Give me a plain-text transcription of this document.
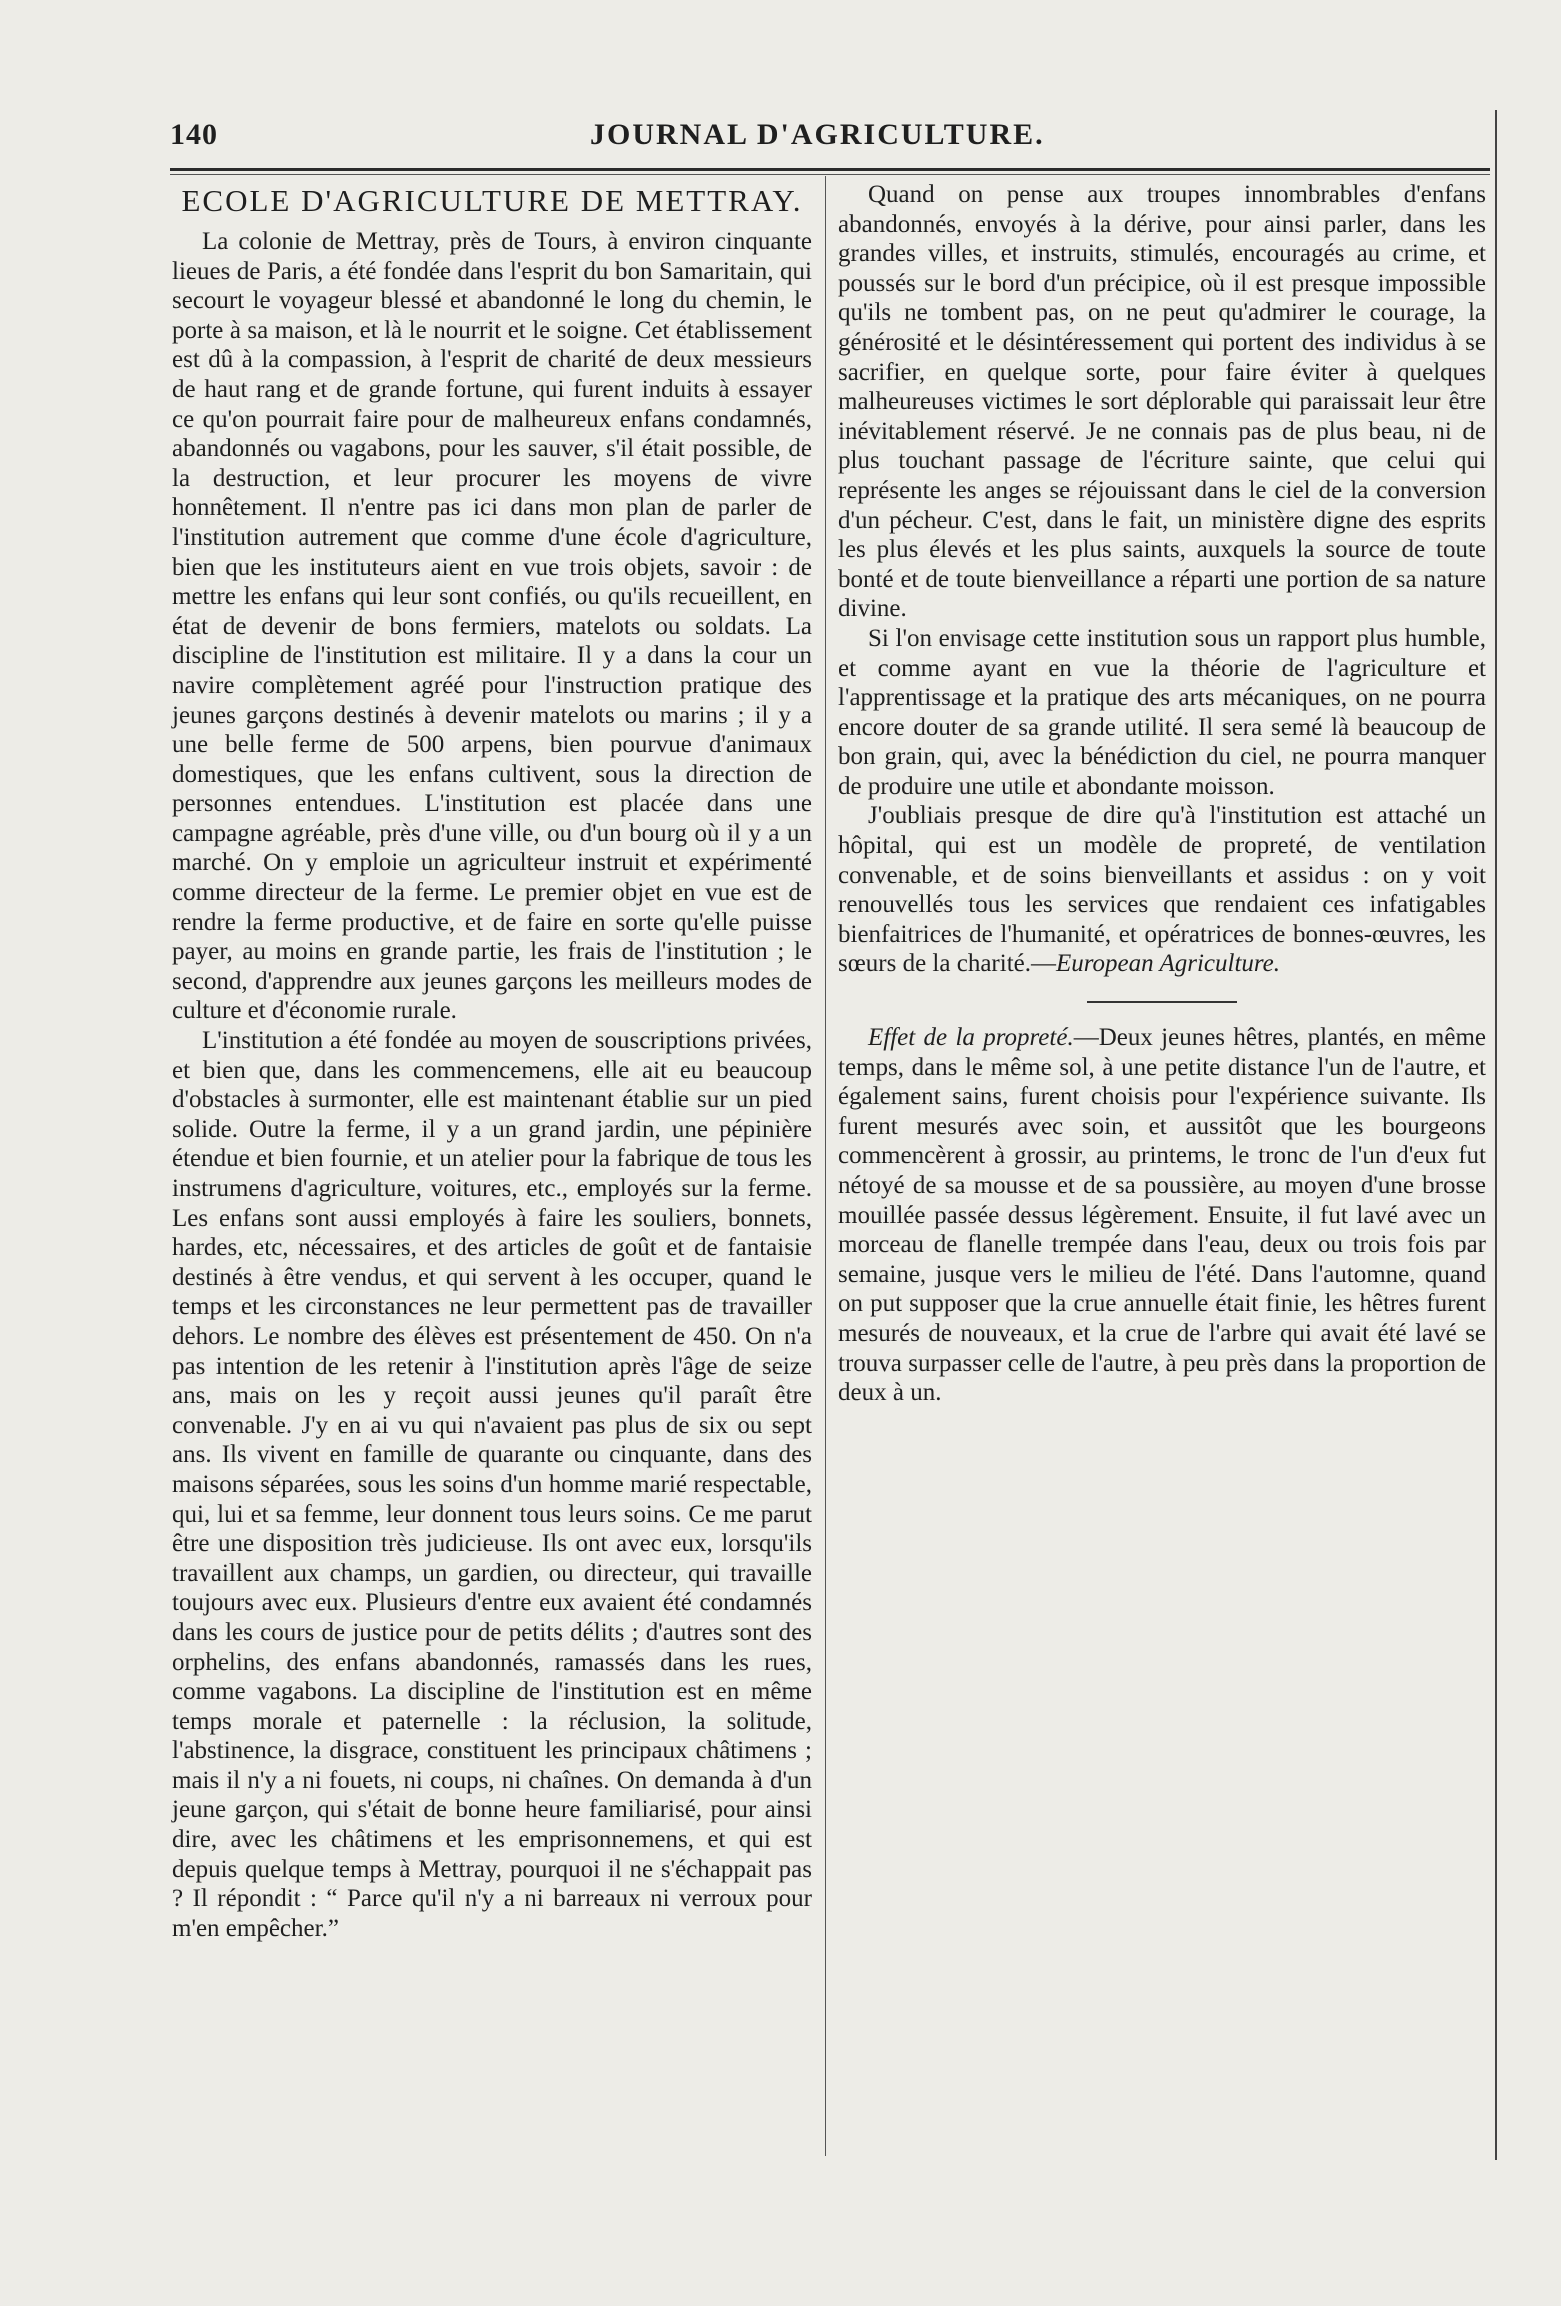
140	JOURNAL D'AGRICULTURE.
ECOLE D'AGRICULTURE DE METTRAY.

La colonie de Mettray, près de Tours, à environ cinquante lieues de Paris, a été fondée dans l'esprit du bon Samaritain, qui secourt le voyageur blessé et abandonné le long du chemin, le porte à sa maison, et là le nourrit et le soigne. Cet établissement est dû à la compassion, à l'esprit de charité de deux messieurs de haut rang et de grande fortune, qui furent induits à essayer ce qu'on pourrait faire pour de malheureux enfans condamnés, abandonnés ou vagabons, pour les sauver, s'il était possible, de la destruction, et leur procurer les moyens de vivre honnêtement. Il n'entre pas ici dans mon plan de parler de l'institution autrement que comme d'une école d'agriculture, bien que les instituteurs aient en vue trois objets, savoir : de mettre les enfans qui leur sont confiés, ou qu'ils recueillent, en état de devenir de bons fermiers, matelots ou soldats. La discipline de l'institution est militaire. Il y a dans la cour un navire complètement agréé pour l'instruction pratique des jeunes garçons destinés à devenir matelots ou marins ; il y a une belle ferme de 500 arpens, bien pourvue d'animaux domestiques, que les enfans cultivent, sous la direction de personnes entendues. L'institution est placée dans une campagne agréable, près d'une ville, ou d'un bourg où il y a un marché. On y emploie un agriculteur instruit et expérimenté comme directeur de la ferme. Le premier objet en vue est de rendre la ferme productive, et de faire en sorte qu'elle puisse payer, au moins en grande partie, les frais de l'institution ; le second, d'apprendre aux jeunes garçons les meilleurs modes de culture et d'économie rurale.

L'institution a été fondée au moyen de souscriptions privées, et bien que, dans les commencemens, elle ait eu beaucoup d'obstacles à surmonter, elle est maintenant établie sur un pied solide. Outre la ferme, il y a un grand jardin, une pépinière étendue et bien fournie, et un atelier pour la fabrique de tous les instrumens d'agriculture, voitures, etc., employés sur la ferme. Les enfans sont aussi employés à faire les souliers, bonnets, hardes, etc, nécessaires, et des articles de goût et de fantaisie destinés à être vendus, et qui servent à les occuper, quand le temps et les circonstances ne leur permettent pas de travailler dehors. Le nombre des élèves est présentement de 450. On n'a pas intention de les retenir à l'institution après l'âge de seize ans, mais on les y reçoit aussi jeunes qu'il paraît être convenable. J'y en ai vu qui n'avaient pas plus de six ou sept ans. Ils vivent en famille de quarante ou cinquante, dans des maisons séparées, sous les soins d'un homme marié respectable, qui, lui et sa femme, leur donnent tous leurs soins. Ce me parut être une disposition très judicieuse. Ils ont avec eux, lorsqu'ils travaillent aux champs, un gardien, ou directeur, qui travaille toujours avec eux. Plusieurs d'entre eux avaient été condamnés dans les cours de justice pour de petits délits ; d'autres sont des orphelins, des enfans abandonnés, ramassés dans les rues, comme vagabons. La discipline de l'institution est en même temps morale et paternelle : la réclusion, la solitude, l'abstinence, la disgrace, constituent les principaux châtimens ; mais il n'y a ni fouets, ni coups, ni chaînes. On demanda à d'un jeune garçon, qui s'était de bonne heure familiarisé, pour ainsi dire, avec les châtimens et les emprisonnemens, et qui est depuis quelque temps à Mettray, pourquoi il ne s'échappait pas ? Il répondit : “ Parce qu'il n'y a ni barreaux ni verroux pour m'en empêcher.”

Quand on pense aux troupes innombrables d'enfans abandonnés, envoyés à la dérive, pour ainsi parler, dans les grandes villes, et instruits, stimulés, encouragés au crime, et poussés sur le bord d'un précipice, où il est presque impossible qu'ils ne tombent pas, on ne peut qu'admirer le courage, la générosité et le désintéressement qui portent des individus à se sacrifier, en quelque sorte, pour faire éviter à quelques malheureuses victimes le sort déplorable qui paraissait leur être inévitablement réservé. Je ne connais pas de plus beau, ni de plus touchant passage de l'écriture sainte, que celui qui représente les anges se réjouissant dans le ciel de la conversion d'un pécheur. C'est, dans le fait, un ministère digne des esprits les plus élevés et les plus saints, auxquels la source de toute bonté et de toute bienveillance a réparti une portion de sa nature divine.

Si l'on envisage cette institution sous un rapport plus humble, et comme ayant en vue la théorie de l'agriculture et l'apprentissage et la pratique des arts mécaniques, on ne pourra encore douter de sa grande utilité. Il sera semé là beaucoup de bon grain, qui, avec la bénédiction du ciel, ne pourra manquer de produire une utile et abondante moisson.

J'oubliais presque de dire qu'à l'institution est attaché un hôpital, qui est un modèle de propreté, de ventilation convenable, et de soins bienveillants et assidus : on y voit renouvellés tous les services que rendaient ces infatigables bienfaitrices de l'humanité, et opératrices de bonnes-œuvres, les sœurs de la charité.—European Agriculture.

Effet de la propreté.—Deux jeunes hêtres, plantés, en même temps, dans le même sol, à une petite distance l'un de l'autre, et également sains, furent choisis pour l'expérience suivante. Ils furent mesurés avec soin, et aussitôt que les bourgeons commencèrent à grossir, au printems, le tronc de l'un d'eux fut nétoyé de sa mousse et de sa poussière, au moyen d'une brosse mouillée passée dessus légèrement. Ensuite, il fut lavé avec un morceau de flanelle trempée dans l'eau, deux ou trois fois par semaine, jusque vers le milieu de l'été. Dans l'automne, quand on put supposer que la crue annuelle était finie, les hêtres furent mesurés de nouveaux, et la crue de l'arbre qui avait été lavé se trouva surpasser celle de l'autre, à peu près dans la proportion de deux à un.
